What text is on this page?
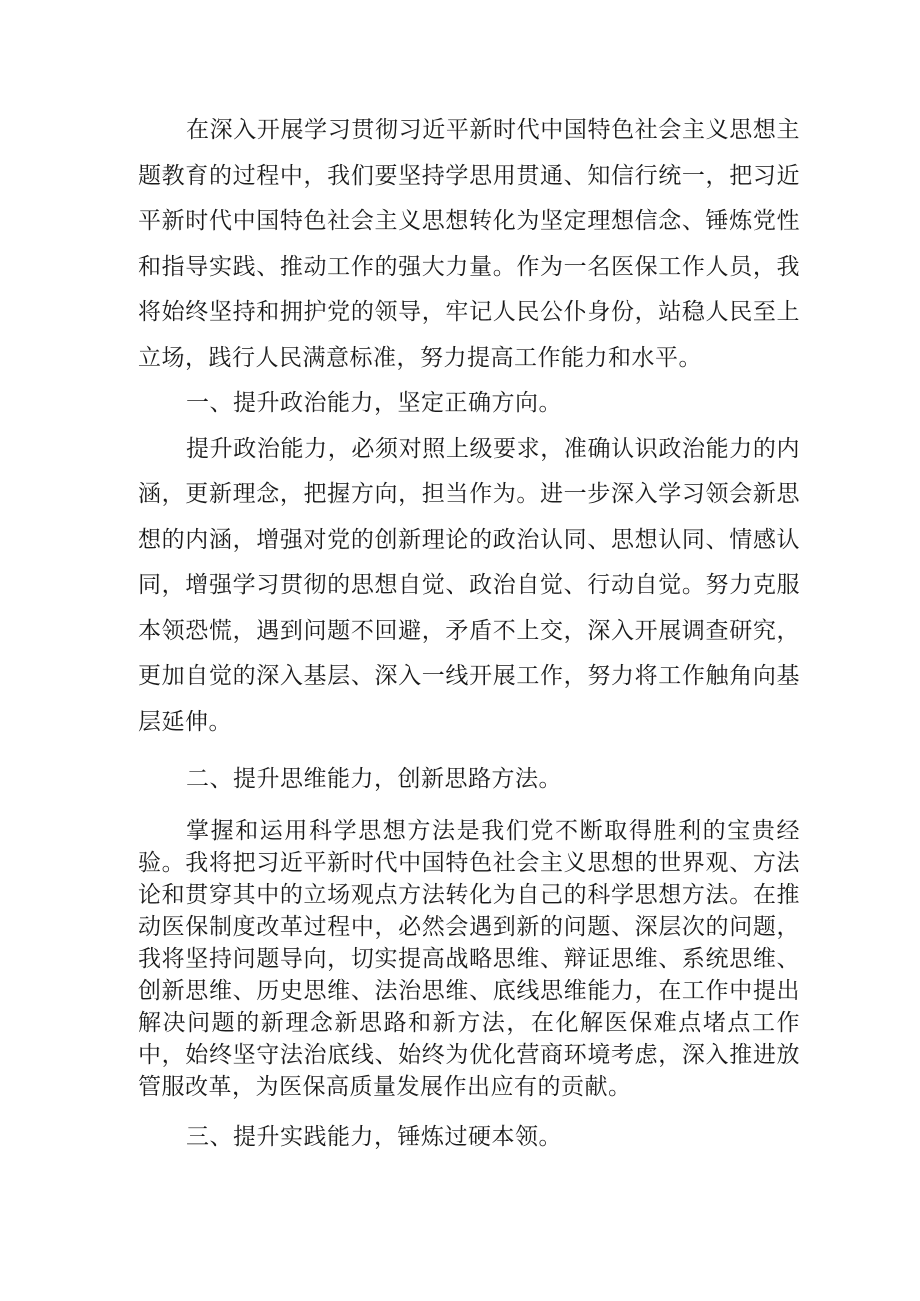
在深入开展学习贯彻习近平新时代中国特色社会主义思想主题教育的过程中，我们要坚持学思用贯通、知信行统一，把习近平新时代中国特色社会主义思想转化为坚定理想信念、锤炼党性和指导实践、推动工作的强大力量。作为一名医保工作人员，我将始终坚持和拥护党的领导，牢记人民公仆身份，站稳人民至上立场，践行人民满意标准，努力提高工作能力和水平。

一、提升政治能力，坚定正确方向。

提升政治能力，必须对照上级要求，准确认识政治能力的内涵，更新理念，把握方向，担当作为。进一步深入学习领会新思想的内涵，增强对党的创新理论的政治认同、思想认同、情感认同，增强学习贯彻的思想自觉、政治自觉、行动自觉。努力克服本领恐慌，遇到问题不回避，矛盾不上交，深入开展调查研究，更加自觉的深入基层、深入一线开展工作，努力将工作触角向基层延伸。

二、提升思维能力，创新思路方法。

掌握和运用科学思想方法是我们党不断取得胜利的宝贵经验。我将把习近平新时代中国特色社会主义思想的世界观、方法论和贯穿其中的立场观点方法转化为自己的科学思想方法。在推动医保制度改革过程中，必然会遇到新的问题、深层次的问题，我将坚持问题导向，切实提高战略思维、辩证思维、系统思维、创新思维、历史思维、法治思维、底线思维能力，在工作中提出解决问题的新理念新思路和新方法，在化解医保难点堵点工作中，始终坚守法治底线、始终为优化营商环境考虑，深入推进放管服改革，为医保高质量发展作出应有的贡献。

三、提升实践能力，锤炼过硬本领。
